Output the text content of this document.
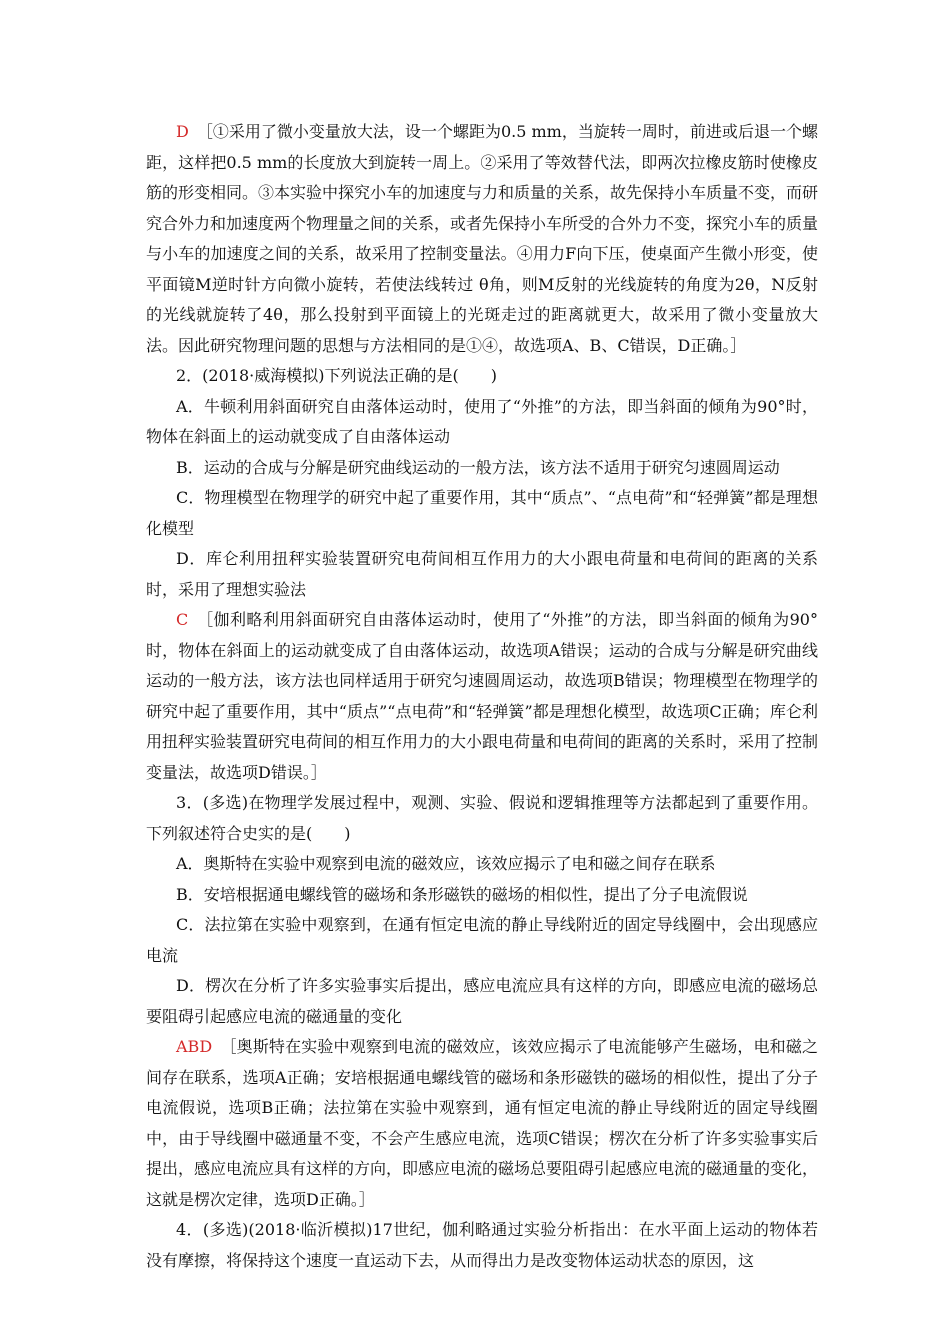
D　 ［①采用了微小变量放大法，设一个螺距为0.5 mm，当旋转一周时，前进或后退一个螺距，这样把0.5 mm的长度放大到旋转一周上。②采用了等效替代法，即两次拉橡皮筋时使橡皮筋的形变相同。③本实验中探究小车的加速度与力和质量的关系，故先保持小车质量不变，而研究合外力和加速度两个物理量之间的关系，或者先保持小车所受的合外力不变，探究小车的质量与小车的加速度之间的关系，故采用了控制变量法。④用力F向下压，使桌面产生微小形变，使平面镜M逆时针方向微小旋转，若使法线转过 θ角，则M反射的光线旋转的角度为2θ，N反射的光线就旋转了4θ，那么投射到平面镜上的光斑走过的距离就更大，故采用了微小变量放大法。因此研究物理问题的思想与方法相同的是①④，故选项A、B、C错误，D正确。］
2．(2018·威海模拟)下列说法正确的是(　　)
A．牛顿利用斜面研究自由落体运动时，使用了“外推”的方法，即当斜面的倾角为90°时，物体在斜面上的运动就变成了自由落体运动
B．运动的合成与分解是研究曲线运动的一般方法，该方法不适用于研究匀速圆周运动
C．物理模型在物理学的研究中起了重要作用，其中“质点”、“点电荷”和“轻弹簧”都是理想化模型
D．库仑利用扭秤实验装置研究电荷间相互作用力的大小跟电荷量和电荷间的距离的关系时，采用了理想实验法
C　 ［伽利略利用斜面研究自由落体运动时，使用了“外推”的方法，即当斜面的倾角为90°时，物体在斜面上的运动就变成了自由落体运动，故选项A错误；运动的合成与分解是研究曲线运动的一般方法，该方法也同样适用于研究匀速圆周运动，故选项B错误；物理模型在物理学的研究中起了重要作用，其中“质点”“点电荷”和“轻弹簧”都是理想化模型，故选项C正确；库仑利用扭秤实验装置研究电荷间的相互作用力的大小跟电荷量和电荷间的距离的关系时，采用了控制变量法，故选项D错误。］
3．(多选)在物理学发展过程中，观测、实验、假说和逻辑推理等方法都起到了重要作用。下列叙述符合史实的是(　　)
A．奥斯特在实验中观察到电流的磁效应，该效应揭示了电和磁之间存在联系
B．安培根据通电螺线管的磁场和条形磁铁的磁场的相似性，提出了分子电流假说
C．法拉第在实验中观察到，在通有恒定电流的静止导线附近的固定导线圈中，会出现感应电流
D．楞次在分析了许多实验事实后提出，感应电流应具有这样的方向，即感应电流的磁场总要阻碍引起感应电流的磁通量的变化
ABD　 ［奥斯特在实验中观察到电流的磁效应，该效应揭示了电流能够产生磁场，电和磁之间存在联系，选项A正确；安培根据通电螺线管的磁场和条形磁铁的磁场的相似性，提出了分子电流假说，选项B正确；法拉第在实验中观察到，通有恒定电流的静止导线附近的固定导线圈中，由于导线圈中磁通量不变，不会产生感应电流，选项C错误；楞次在分析了许多实验事实后提出，感应电流应具有这样的方向，即感应电流的磁场总要阻碍引起感应电流的磁通量的变化，这就是楞次定律，选项D正确。］
4．(多选)(2018·临沂模拟)17世纪，伽利略通过实验分析指出：在水平面上运动的物体若没有摩擦，将保持这个速度一直运动下去，从而得出力是改变物体运动状态的原因，这
